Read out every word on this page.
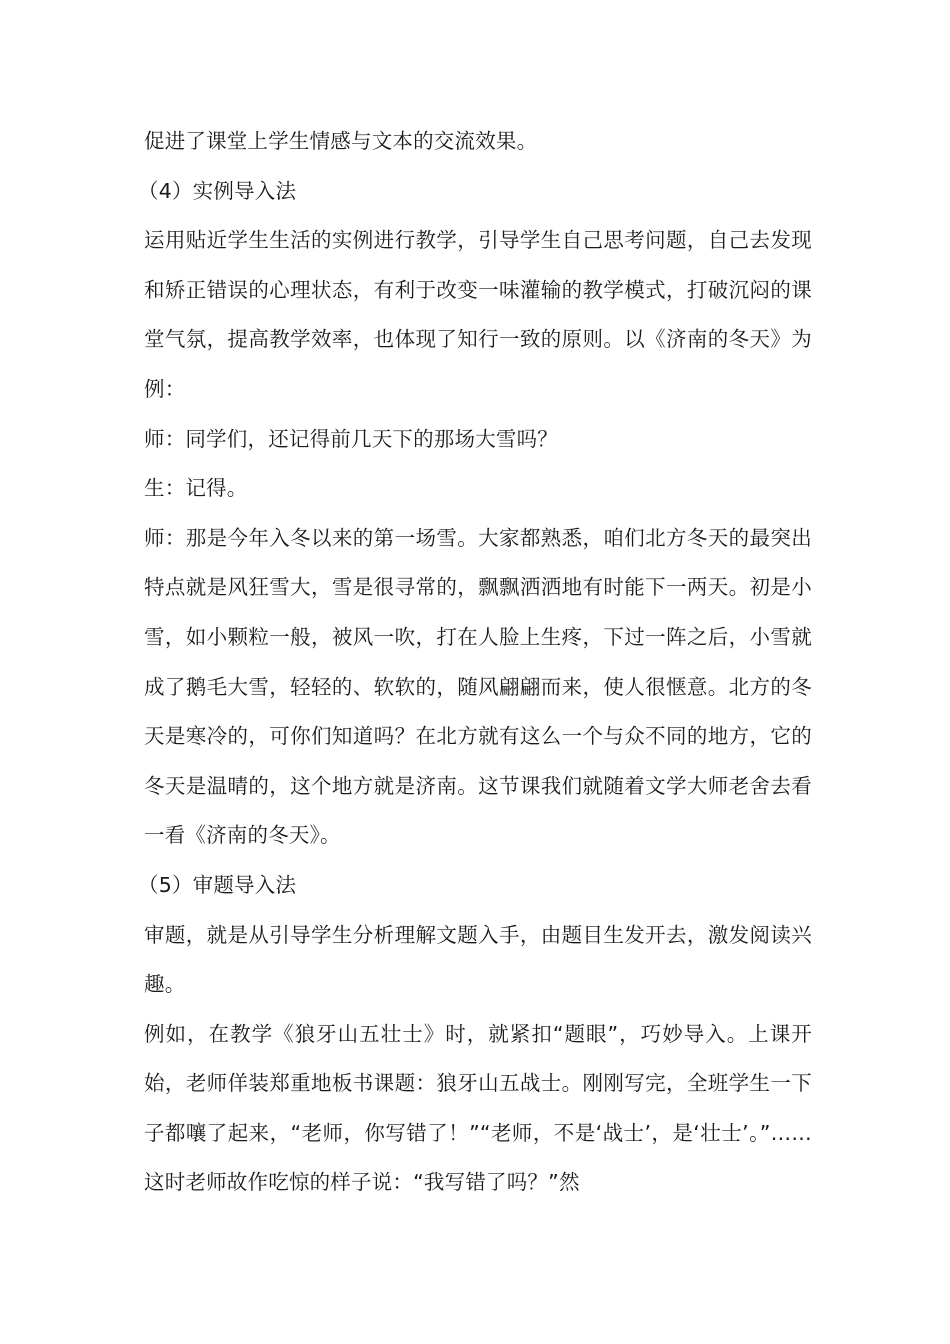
促进了课堂上学生情感与文本的交流效果。

（4）实例导入法

运用贴近学生生活的实例进行教学，引导学生自己思考问题，自己去发现和矫正错误的心理状态，有利于改变一味灌输的教学模式，打破沉闷的课堂气氛，提高教学效率，也体现了知行一致的原则。以《济南的冬天》为例：

师：同学们，还记得前几天下的那场大雪吗？

生：记得。

师：那是今年入冬以来的第一场雪。大家都熟悉，咱们北方冬天的最突出特点就是风狂雪大，雪是很寻常的，飘飘洒洒地有时能下一两天。初是小雪，如小颗粒一般，被风一吹，打在人脸上生疼，下过一阵之后，小雪就成了鹅毛大雪，轻轻的、软软的，随风翩翩而来，使人很惬意。北方的冬天是寒冷的，可你们知道吗？在北方就有这么一个与众不同的地方，它的冬天是温晴的，这个地方就是济南。这节课我们就随着文学大师老舍去看一看《济南的冬天》。

（5）审题导入法

审题，就是从引导学生分析理解文题入手，由题目生发开去，激发阅读兴趣。

例如，在教学《狼牙山五壮士》时，就紧扣“题眼”，巧妙导入。上课开始，老师佯装郑重地板书课题：狼牙山五战士。刚刚写完，全班学生一下子都嚷了起来，“老师，你写错了！”“老师，不是‘战士’，是‘壮士’。”……这时老师故作吃惊的样子说：“我写错了吗？”然
